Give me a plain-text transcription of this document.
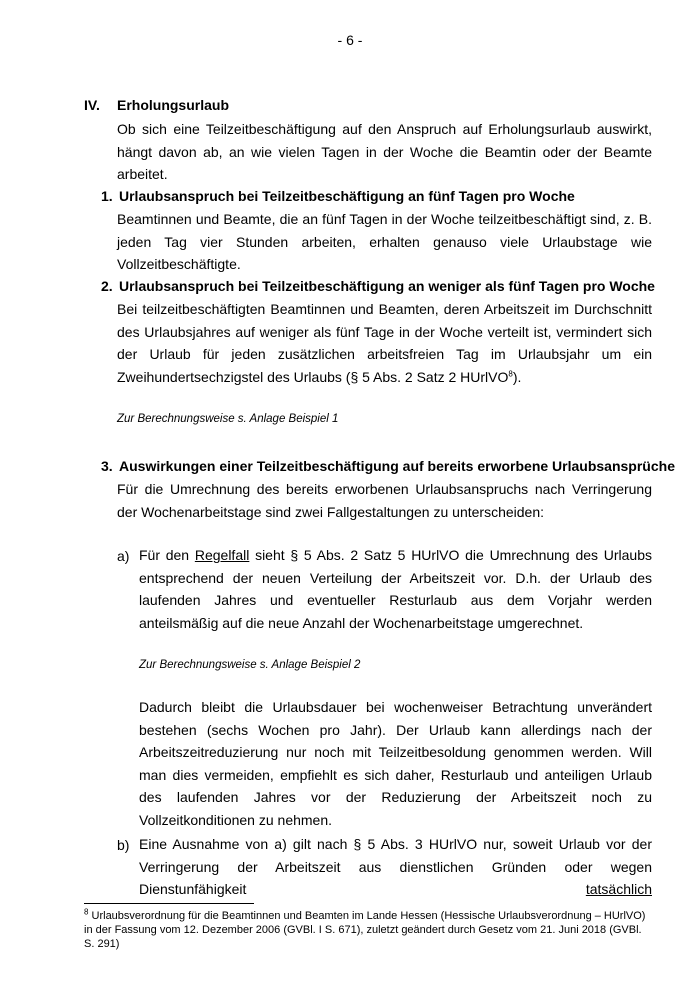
- 6 -
IV. Erholungsurlaub
Ob sich eine Teilzeitbeschäftigung auf den Anspruch auf Erholungsurlaub auswirkt, hängt davon ab, an wie vielen Tagen in der Woche die Beamtin oder der Beamte arbeitet.
1. Urlaubsanspruch bei Teilzeitbeschäftigung an fünf Tagen pro Woche
Beamtinnen und Beamte, die an fünf Tagen in der Woche teilzeitbeschäftigt sind, z. B. jeden Tag vier Stunden arbeiten, erhalten genauso viele Urlaubstage wie Vollzeitbeschäftigte.
2. Urlaubsanspruch bei Teilzeitbeschäftigung an weniger als fünf Tagen pro Woche
Bei teilzeitbeschäftigten Beamtinnen und Beamten, deren Arbeitszeit im Durchschnitt des Urlaubsjahres auf weniger als fünf Tage in der Woche verteilt ist, vermindert sich der Urlaub für jeden zusätzlichen arbeitsfreien Tag im Urlaubsjahr um ein Zweihundertsechzigstel des Urlaubs (§ 5 Abs. 2 Satz 2 HUrlVO$^8$).
Zur Berechnungsweise s. Anlage Beispiel 1
3. Auswirkungen einer Teilzeitbeschäftigung auf bereits erworbene Urlaubsansprüche
Für die Umrechnung des bereits erworbenen Urlaubsanspruchs nach Verringerung der Wochenarbeitstage sind zwei Fallgestaltungen zu unterscheiden:
a) Für den Regelfall sieht § 5 Abs. 2 Satz 5 HUrlVO die Umrechnung des Urlaubs entsprechend der neuen Verteilung der Arbeitszeit vor. D.h. der Urlaub des laufenden Jahres und eventueller Resturlaub aus dem Vorjahr werden anteilsmäßig auf die neue Anzahl der Wochenarbeitstage umgerechnet.
Zur Berechnungsweise s. Anlage Beispiel 2
Dadurch bleibt die Urlaubsdauer bei wochenweiser Betrachtung unverändert bestehen (sechs Wochen pro Jahr). Der Urlaub kann allerdings nach der Arbeitszeitreduzierung nur noch mit Teilzeitbesoldung genommen werden. Will man dies vermeiden, empfiehlt es sich daher, Resturlaub und anteiligen Urlaub des laufenden Jahres vor der Reduzierung der Arbeitszeit noch zu Vollzeitkonditionen zu nehmen.
b) Eine Ausnahme von a) gilt nach § 5 Abs. 3 HUrlVO nur, soweit Urlaub vor der Verringerung der Arbeitszeit aus dienstlichen Gründen oder wegen Dienstunfähigkeit tatsächlich
$^8$ Urlaubsverordnung für die Beamtinnen und Beamten im Lande Hessen (Hessische Urlaubsverordnung – HUrlVO) in der Fassung vom 12. Dezember 2006 (GVBl. I S. 671), zuletzt geändert durch Gesetz vom 21. Juni 2018 (GVBl. S. 291)
